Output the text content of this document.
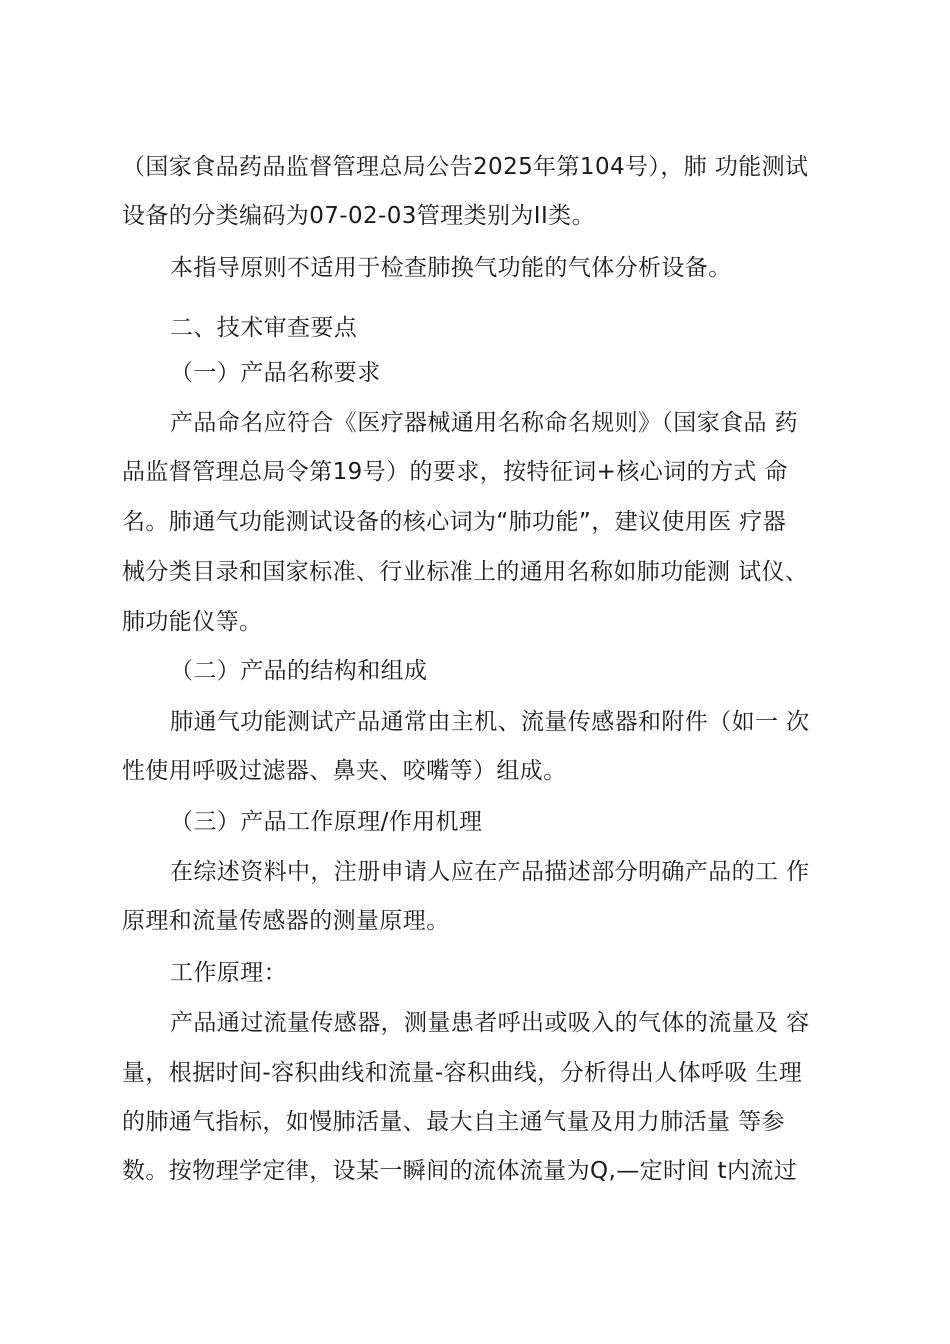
（国家食品药品监督管理总局公告2025年第104号），肺 功能测试
设备的分类编码为07-02-03管理类别为II类。
本指导原则不适用于检查肺换气功能的气体分析设备。
二、技术审查要点
（一）产品名称要求
产品命名应符合《医疗器械通用名称命名规则》（国家食品 药
品监督管理总局令第19号）的要求，按特征词+核心词的方式 命
名。肺通气功能测试设备的核心词为“肺功能”，建议使用医 疗器
械分类目录和国家标准、行业标准上的通用名称如肺功能测 试仪、
肺功能仪等。
（二）产品的结构和组成
肺通气功能测试产品通常由主机、流量传感器和附件（如一 次
性使用呼吸过滤器、鼻夹、咬嘴等）组成。
（三）产品工作原理/作用机理
在综述资料中，注册申请人应在产品描述部分明确产品的工 作
原理和流量传感器的测量原理。
工作原理：
产品通过流量传感器，测量患者呼出或吸入的气体的流量及 容
量，根据时间-容积曲线和流量-容积曲线，分析得出人体呼吸 生理
的肺通气指标，如慢肺活量、最大自主通气量及用力肺活量 等参
数。按物理学定律，设某一瞬间的流体流量为Q,—定时间 t内流过
